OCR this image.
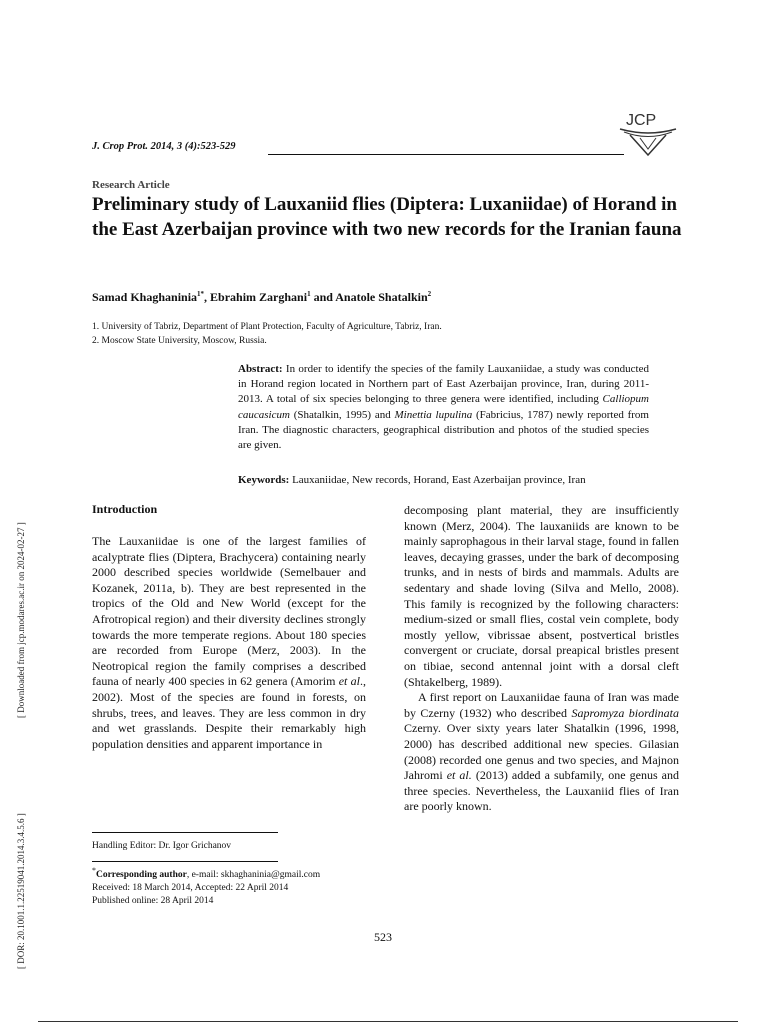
J. Crop Prot. 2014, 3 (4):523-529
JCP
Research Article
Preliminary study of Lauxaniid flies (Diptera: Luxaniidae) of Horand in the East Azerbaijan province with two new records for the Iranian fauna
Samad Khaghaninia$^{1*}$, Ebrahim Zarghani$^1$ and Anatole Shatalkin$^2$
1. University of Tabriz, Department of Plant Protection, Faculty of Agriculture, Tabriz, Iran.
2. Moscow State University, Moscow, Russia.
Abstract: In order to identify the species of the family Lauxaniidae, a study was conducted in Horand region located in Northern part of East Azerbaijan province, Iran, during 2011-2013. A total of six species belonging to three genera were identified, including Calliopum caucasicum (Shatalkin, 1995) and Minettia lupulina (Fabricius, 1787) newly reported from Iran. The diagnostic characters, geographical distribution and photos of the studied species are given.
Keywords: Lauxaniidae, New records, Horand, East Azerbaijan province, Iran
Introduction

The Lauxaniidae is one of the largest families of acalyptrate flies (Diptera, Brachycera) containing nearly 2000 described species worldwide (Semelbauer and Kozanek, 2011a, b). They are best represented in the tropics of the Old and New World (except for the Afrotropical region) and their diversity declines strongly towards the more temperate regions. About 180 species are recorded from Europe (Merz, 2003). In the Neotropical region the family comprises a described fauna of nearly 400 species in 62 genera (Amorim et al., 2002). Most of the species are found in forests, on shrubs, trees, and leaves. They are less common in dry and wet grasslands. Despite their remarkably high population densities and apparent importance in

decomposing plant material, they are insufficiently known (Merz, 2004). The lauxaniids are known to be mainly saprophagous in their larval stage, found in fallen leaves, decaying grasses, under the bark of decomposing trunks, and in nests of birds and mammals. Adults are sedentary and shade loving (Silva and Mello, 2008). This family is recognized by the following characters: medium-sized or small flies, costal vein complete, body mostly yellow, vibrissae absent, postvertical bristles convergent or cruciate, dorsal preapical bristles present on tibiae, second antennal joint with a dorsal cleft (Shtakelberg, 1989).

A first report on Lauxaniidae fauna of Iran was made by Czerny (1932) who described Sapromyza biordinata Czerny. Over sixty years later Shatalkin (1996, 1998, 2000) has described additional new species. Gilasian (2008) recorded one genus and two species, and Majnon Jahromi et al. (2013) added a subfamily, one genus and three species. Nevertheless, the Lauxaniid flies of Iran are poorly known.

Handling Editor: Dr. Igor Grichanov
*Corresponding author, e-mail: skhaghaninia@gmail.com
Received: 18 March 2014, Accepted: 22 April 2014
Published online: 28 April 2014
523
[ Downloaded from jcp.modares.ac.ir on 2024-02-27 ]
[ DOR: 20.1001.1.22519041.2014.3.4.5.6 ]
